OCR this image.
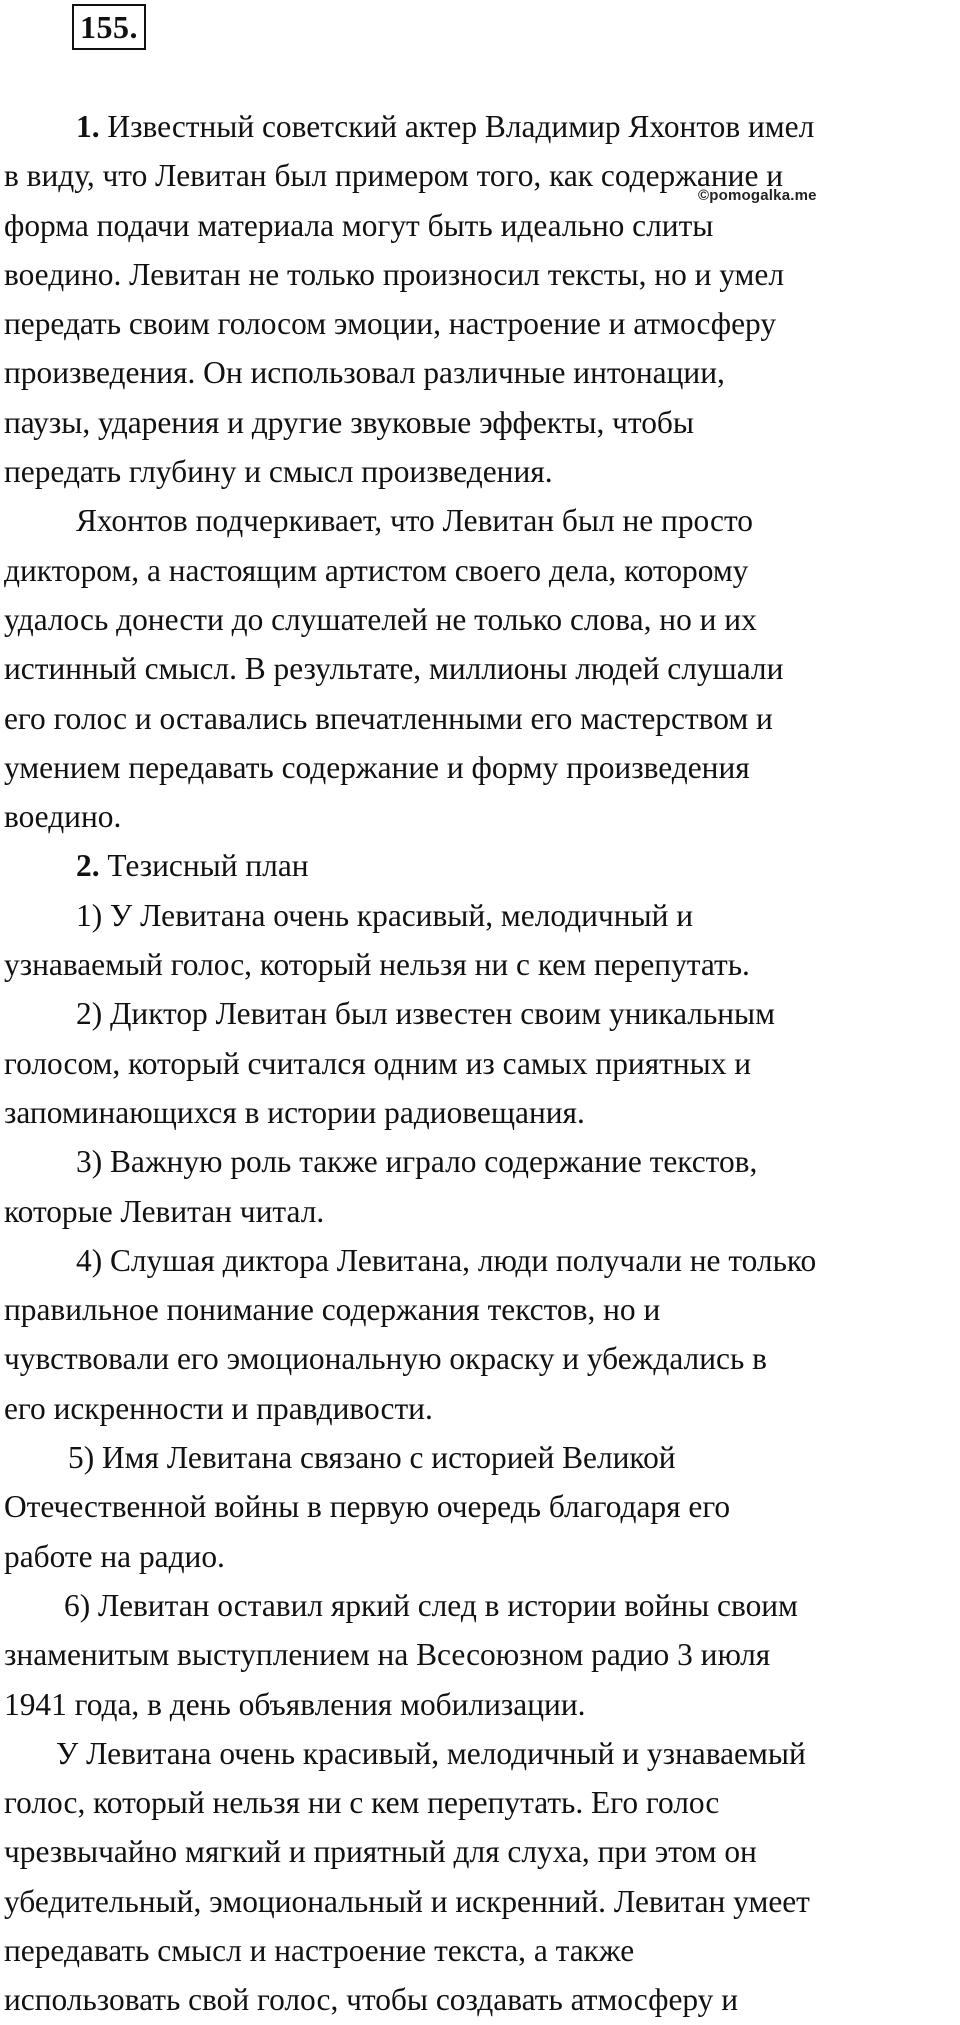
155.
©pomogalka.me
1. Известный советский актер Владимир Яхонтов имел
в виду, что Левитан был примером того, как содержание и
форма подачи материала могут быть идеально слиты
воедино. Левитан не только произносил тексты, но и умел
передать своим голосом эмоции, настроение и атмосферу
произведения. Он использовал различные интонации,
паузы, ударения и другие звуковые эффекты, чтобы
передать глубину и смысл произведения.
Яхонтов подчеркивает, что Левитан был не просто
диктором, а настоящим артистом своего дела, которому
удалось донести до слушателей не только слова, но и их
истинный смысл. В результате, миллионы людей слушали
его голос и оставались впечатленными его мастерством и
умением передавать содержание и форму произведения
воедино.
2. Тезисный план
1) У Левитана очень красивый, мелодичный и
узнаваемый голос, который нельзя ни с кем перепутать.
2) Диктор Левитан был известен своим уникальным
голосом, который считался одним из самых приятных и
запоминающихся в истории радиовещания.
3) Важную роль также играло содержание текстов,
которые Левитан читал.
4) Слушая диктора Левитана, люди получали не только
правильное понимание содержания текстов, но и
чувствовали его эмоциональную окраску и убеждались в
его искренности и правдивости.
5) Имя Левитана связано с историей Великой
Отечественной войны в первую очередь благодаря его
работе на радио.
6) Левитан оставил яркий след в истории войны своим
знаменитым выступлением на Всесоюзном радио 3 июля
1941 года, в день объявления мобилизации.
У Левитана очень красивый, мелодичный и узнаваемый
голос, который нельзя ни с кем перепутать. Его голос
чрезвычайно мягкий и приятный для слуха, при этом он
убедительный, эмоциональный и искренний. Левитан умеет
передавать смысл и настроение текста, а также
использовать свой голос, чтобы создавать атмосферу и
